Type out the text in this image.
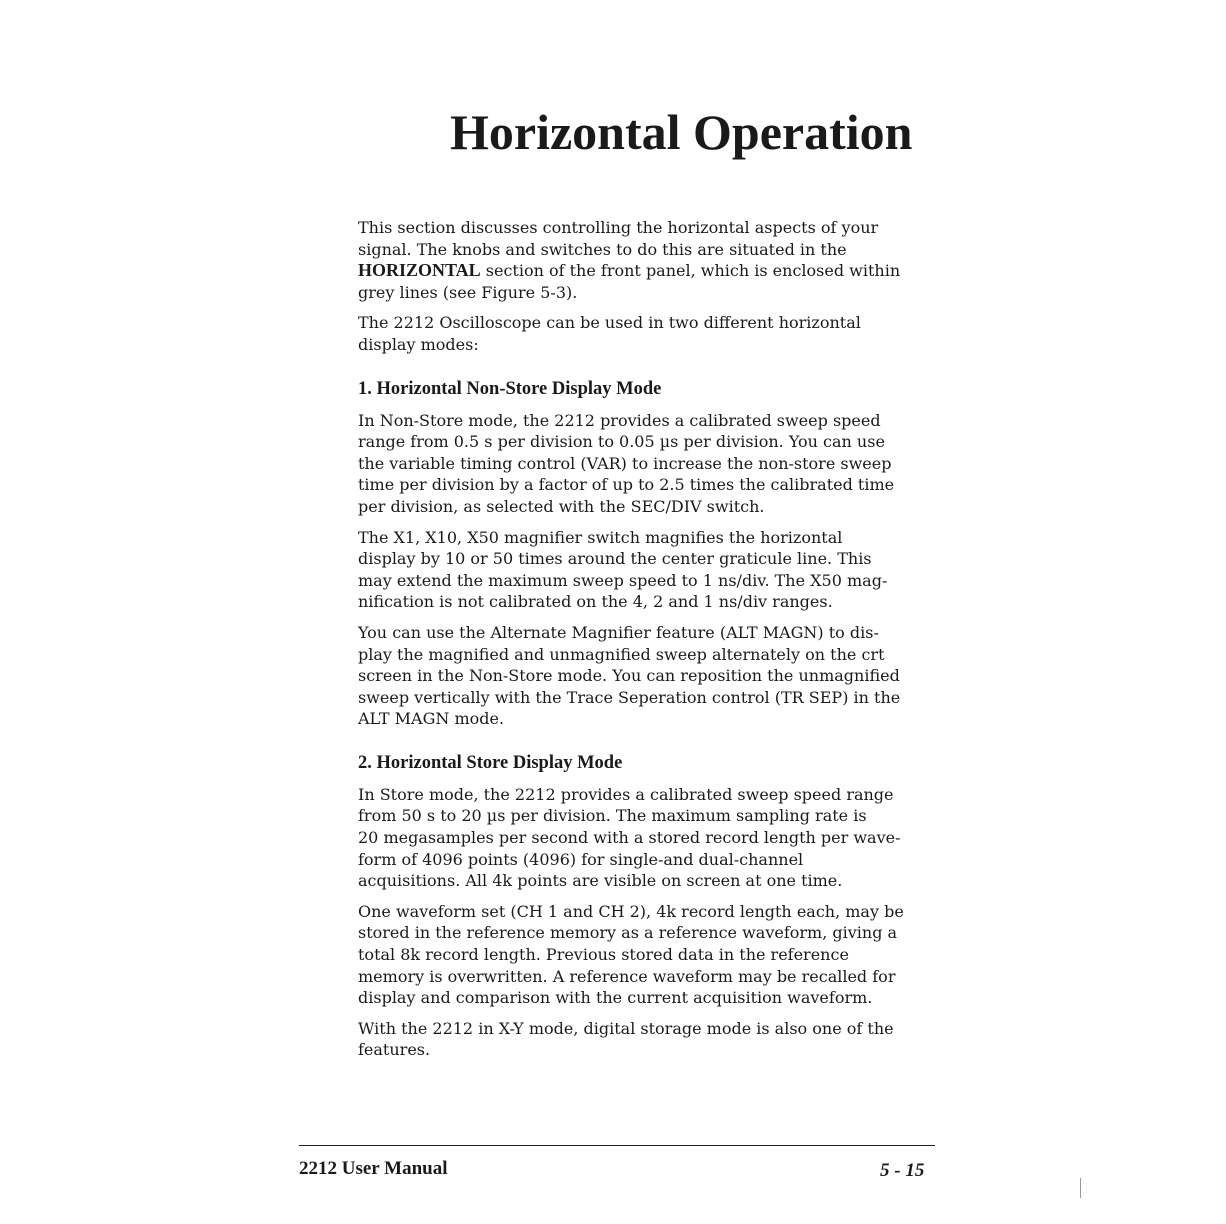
Horizontal Operation

This section discusses controlling the horizontal aspects of your
signal. The knobs and switches to do this are situated in the
HORIZONTAL section of the front panel, which is enclosed within
grey lines (see Figure 5-3).

The 2212 Oscilloscope can be used in two different horizontal
display modes:

1. Horizontal Non-Store Display Mode

In Non-Store mode, the 2212 provides a calibrated sweep speed
range from 0.5 s per division to 0.05 µs per division. You can use
the variable timing control (VAR) to increase the non-store sweep
time per division by a factor of up to 2.5 times the calibrated time
per division, as selected with the SEC/DIV switch.

The X1, X10, X50 magnifier switch magnifies the horizontal
display by 10 or 50 times around the center graticule line. This
may extend the maximum sweep speed to 1 ns/div. The X50 mag-
nification is not calibrated on the 4, 2 and 1 ns/div ranges.

You can use the Alternate Magnifier feature (ALT MAGN) to dis-
play the magnified and unmagnified sweep alternately on the crt
screen in the Non-Store mode. You can reposition the unmagnified
sweep vertically with the Trace Seperation control (TR SEP) in the
ALT MAGN mode.

2. Horizontal Store Display Mode

In Store mode, the 2212 provides a calibrated sweep speed range
from 50 s to 20 µs per division. The maximum sampling rate is
20 megasamples per second with a stored record length per wave-
form of 4096 points (4096) for single-and dual-channel
acquisitions. All 4k points are visible on screen at one time.

One waveform set (CH 1 and CH 2), 4k record length each, may be
stored in the reference memory as a reference waveform, giving a
total 8k record length. Previous stored data in the reference
memory is overwritten. A reference waveform may be recalled for
display and comparison with the current acquisition waveform.

With the 2212 in X-Y mode, digital storage mode is also one of the
features.

2212 User Manual	5 - 15
